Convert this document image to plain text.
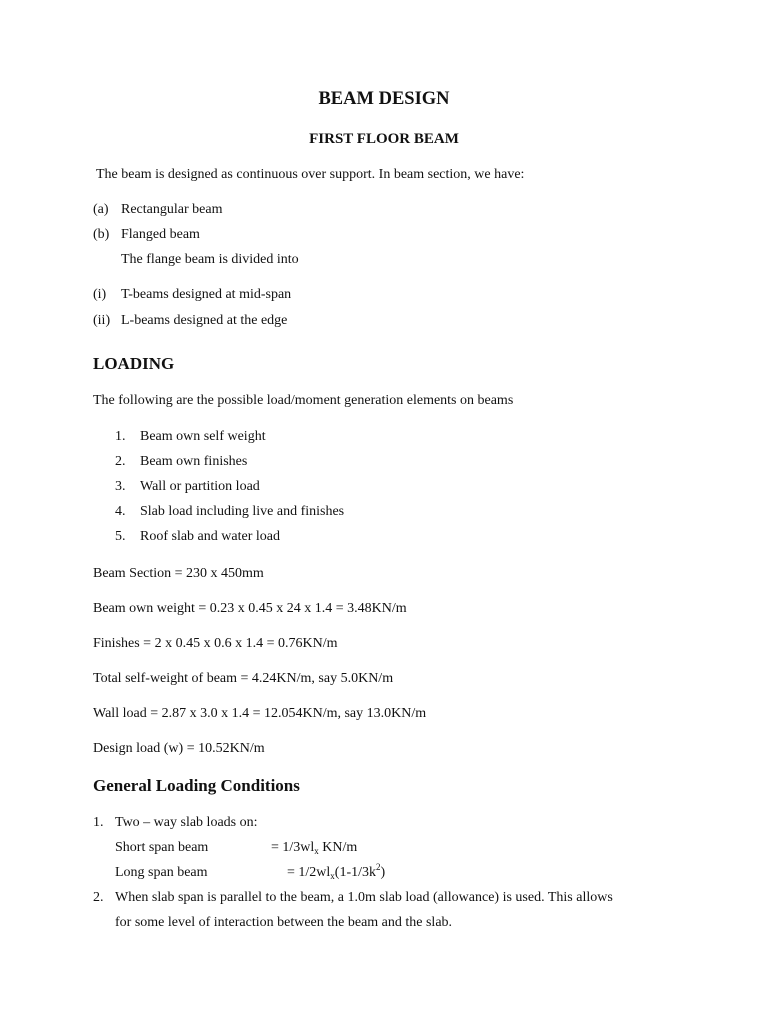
BEAM DESIGN
FIRST FLOOR BEAM
The beam is designed as continuous over support. In beam section, we have:
(a) Rectangular beam
(b) Flanged beam
The flange beam is divided into
(i) T-beams designed at mid-span
(ii) L-beams designed at the edge
LOADING
The following are the possible load/moment generation elements on beams
1. Beam own self weight
2. Beam own finishes
3. Wall or partition load
4. Slab load including live and finishes
5. Roof slab and water load
Beam Section = 230 x 450mm
Beam own weight = 0.23 x 0.45 x 24 x 1.4 = 3.48KN/m
Finishes = 2 x 0.45 x 0.6 x 1.4 = 0.76KN/m
Total self-weight of beam = 4.24KN/m, say 5.0KN/m
Wall load = 2.87 x 3.0 x 1.4 = 12.054KN/m, say 13.0KN/m
Design load (w) = 10.52KN/m
General Loading Conditions
1. Two – way slab loads on:
Short span beam	= $1/3wl_x$ KN/m
Long span beam	= $1/2wl_x(1-1/3k^2)$
2. When slab span is parallel to the beam, a 1.0m slab load (allowance) is used. This allows
for some level of interaction between the beam and the slab.
